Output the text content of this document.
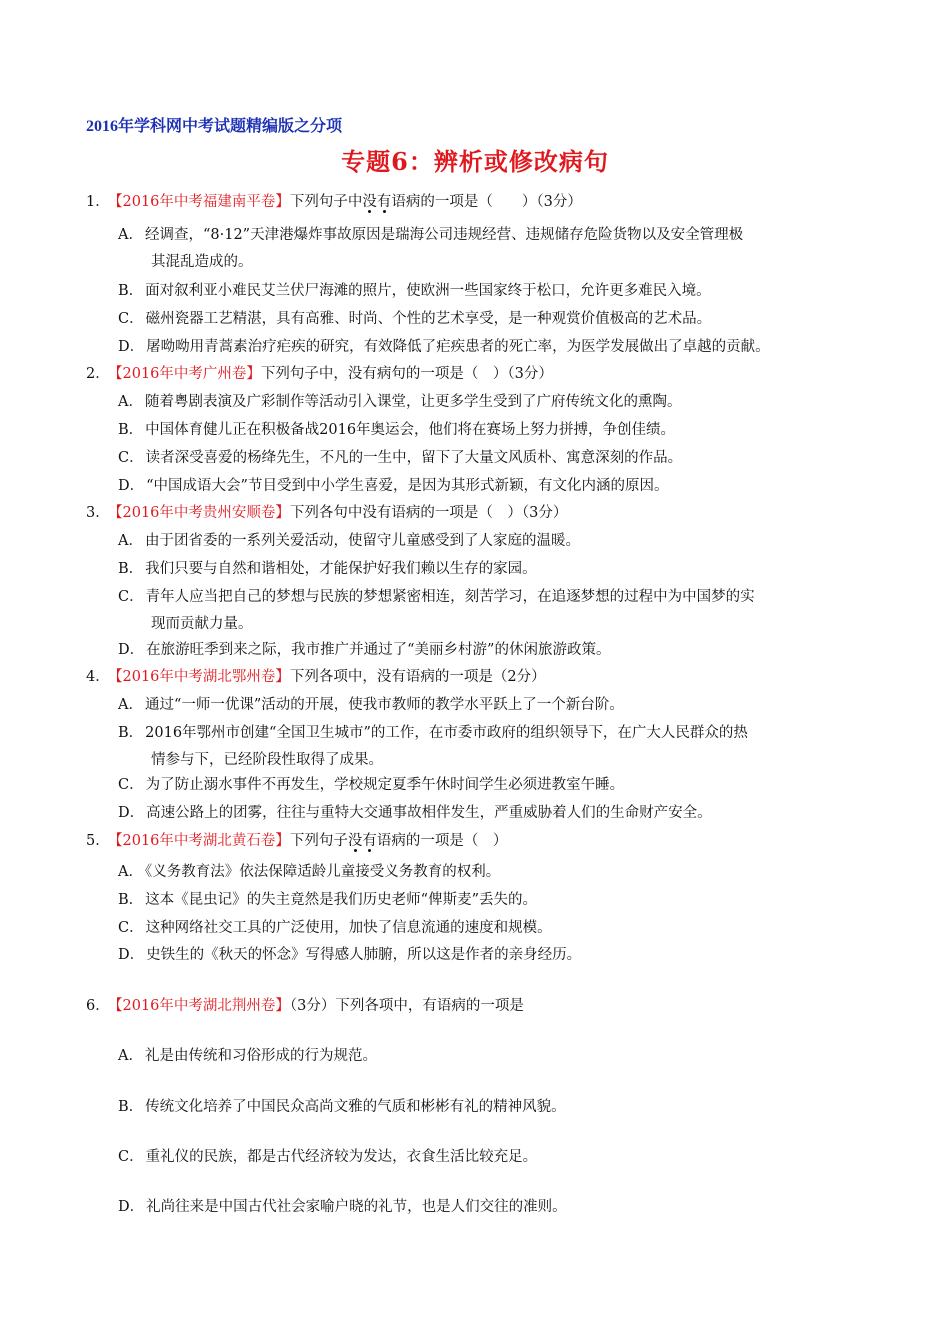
2016年学科网中考试题精编版之分项
专题6：辨析或修改病句
1．【2016年中考福建南平卷】下列句子中没有语病的一项是（　　）（3分）
A． 经调查，“8·12”天津港爆炸事故原因是瑞海公司违规经营、违规储存危险货物以及安全管理极
其混乱造成的。
B． 面对叙利亚小难民艾兰伏尸海滩的照片，使欧洲一些国家终于松口，允许更多难民入境。
C． 磁州瓷器工艺精湛，具有高雅、时尚、个性的艺术享受，是一种观赏价值极高的艺术品。
D． 屠呦呦用青蒿素治疗疟疾的研究，有效降低了疟疾患者的死亡率，为医学发展做出了卓越的贡献。
2．【2016年中考广州卷】下列句子中，没有病句的一项是（　）（3分）
A． 随着粤剧表演及广彩制作等活动引入课堂，让更多学生受到了广府传统文化的熏陶。
B． 中国体育健儿正在积极备战2016年奥运会，他们将在赛场上努力拼搏，争创佳绩。
C． 读者深受喜爱的杨绛先生，不凡的一生中，留下了大量文风质朴、寓意深刻的作品。
D． “中国成语大会”节目受到中小学生喜爱，是因为其形式新颖，有文化内涵的原因。
3．【2016年中考贵州安顺卷】下列各句中没有语病的一项是（　）（3分）
A． 由于团省委的一系列关爱活动，使留守儿童感受到了人家庭的温暖。
B． 我们只要与自然和谐相处，才能保护好我们赖以生存的家园。
C． 青年人应当把自己的梦想与民族的梦想紧密相连，刻苦学习，在追逐梦想的过程中为中国梦的实
现而贡献力量。
D． 在旅游旺季到来之际，我市推广并通过了“美丽乡村游”的休闲旅游政策。
4．【2016年中考湖北鄂州卷】下列各项中，没有语病的一项是（2分）
A． 通过“一师一优课”活动的开展，使我市教师的教学水平跃上了一个新台阶。
B． 2016年鄂州市创建“全国卫生城市”的工作，在市委市政府的组织领导下，在广大人民群众的热
情参与下，已经阶段性取得了成果。
C． 为了防止溺水事件不再发生，学校规定夏季午休时间学生必须进教室午睡。
D． 高速公路上的团雾，往往与重特大交通事故相伴发生，严重威胁着人们的生命财产安全。
5．【2016年中考湖北黄石卷】下列句子没有语病的一项是（　）
A． 《义务教育法》依法保障适龄儿童接受义务教育的权利。
B． 这本《昆虫记》的失主竟然是我们历史老师“俾斯麦”丢失的。
C． 这种网络社交工具的广泛使用，加快了信息流通的速度和规模。
D． 史铁生的《秋天的怀念》写得感人肺腑，所以这是作者的亲身经历。
6．【2016年中考湖北荆州卷】（3分）下列各项中，有语病的一项是
A． 礼是由传统和习俗形成的行为规范。
B． 传统文化培养了中国民众高尚文雅的气质和彬彬有礼的精神风貌。
C． 重礼仪的民族，都是古代经济较为发达，衣食生活比较充足。
D． 礼尚往来是中国古代社会家喻户晓的礼节，也是人们交往的准则。
